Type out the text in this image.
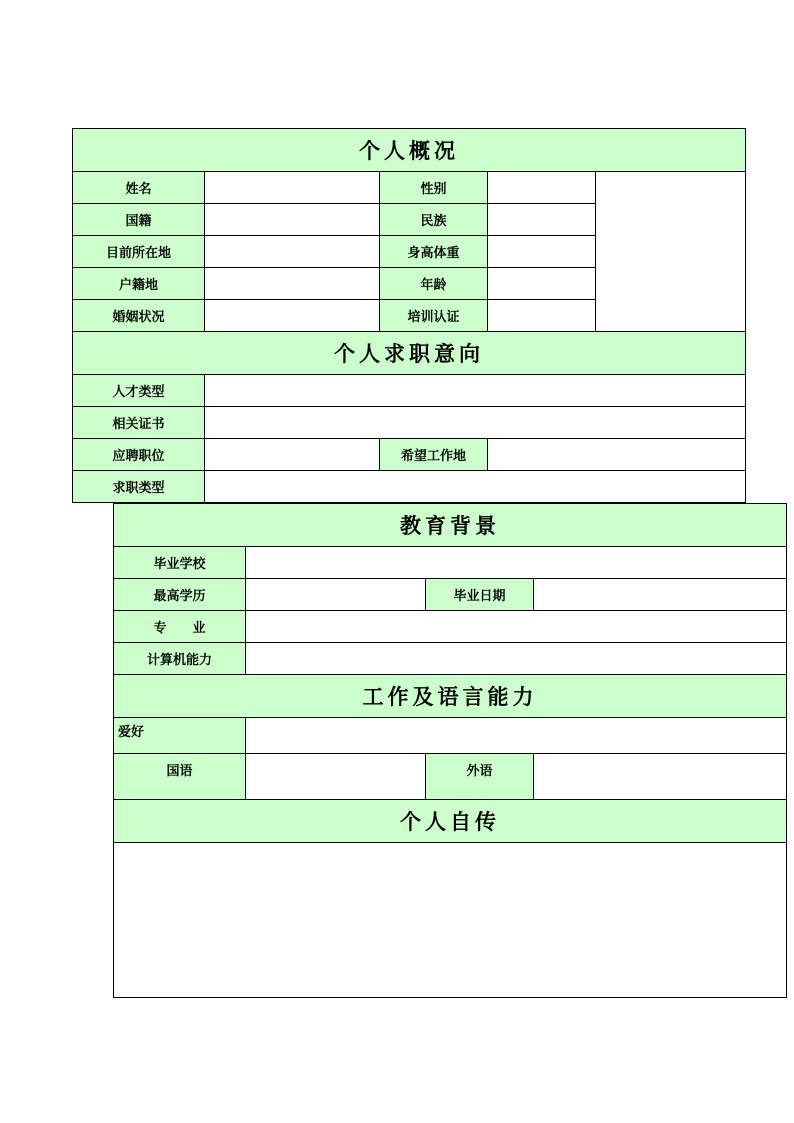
个人概况				
姓名		性别		
国籍		民族		
目前所在地		身高体重		
户籍地		年龄		
婚姻状况		培训认证		
个人求职意向				
人才类型				
相关证书				
应聘职位		希望工作地		
求职类型				
教育背景			
毕业学校			
最高学历		毕业日期	
专　　业			
计算机能力			
工作及语言能力			
爱好			
国语		外语	
个人自传			
